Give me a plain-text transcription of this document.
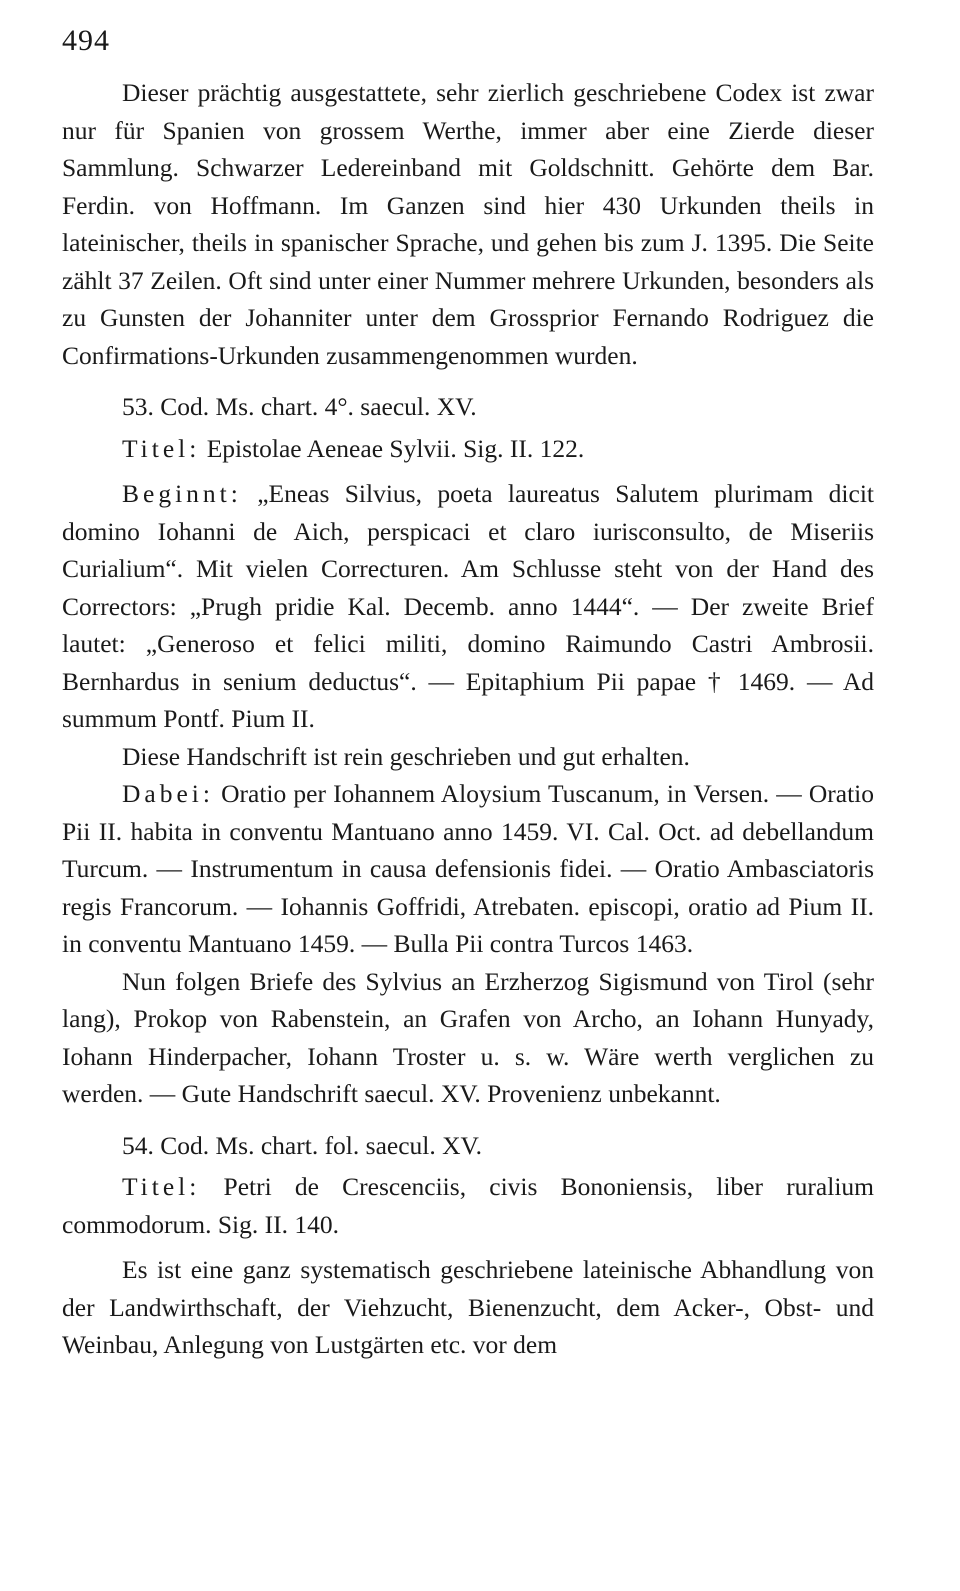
494

Dieser prächtig ausgestattete, sehr zierlich geschriebene Codex ist zwar nur für Spanien von grossem Werthe, immer aber eine Zierde dieser Sammlung. Schwarzer Ledereinband mit Goldschnitt. Gehörte dem Bar. Ferdin. von Hoffmann. Im Ganzen sind hier 430 Urkunden theils in lateinischer, theils in spanischer Sprache, und gehen bis zum J. 1395. Die Seite zählt 37 Zeilen. Oft sind unter einer Nummer mehrere Urkunden, besonders als zu Gunsten der Johanniter unter dem Grossprior Fernando Rodriguez die Confirmations-Urkunden zusammengenommen wurden.

53. Cod. Ms. chart. 4°. saecul. XV.

Titel: Epistolae Aeneae Sylvii. Sig. II. 122.

Beginnt: „Eneas Silvius, poeta laureatus Salutem plurimam dicit domino Iohanni de Aich, perspicaci et claro iurisconsulto, de Miseriis Curialium“. Mit vielen Correcturen. Am Schlusse steht von der Hand des Correctors: „Prugh pridie Kal. Decemb. anno 1444“. — Der zweite Brief lautet: „Generoso et felici militi, domino Raimundo Castri Ambrosii. Bernhardus in senium deductus“. — Epitaphium Pii papae † 1469. — Ad summum Pontf. Pium II.

Diese Handschrift ist rein geschrieben und gut erhalten.

Dabei: Oratio per Iohannem Aloysium Tuscanum, in Versen. — Oratio Pii II. habita in conventu Mantuano anno 1459. VI. Cal. Oct. ad debellandum Turcum. — Instrumentum in causa defensionis fidei. — Oratio Ambasciatoris regis Francorum. — Iohannis Goffridi, Atrebaten. episcopi, oratio ad Pium II. in conventu Mantuano 1459. — Bulla Pii contra Turcos 1463.

Nun folgen Briefe des Sylvius an Erzherzog Sigismund von Tirol (sehr lang), Prokop von Rabenstein, an Grafen von Archo, an Iohann Hunyady, Iohann Hinderpacher, Iohann Troster u. s. w. Wäre werth verglichen zu werden. — Gute Handschrift saecul. XV. Provenienz unbekannt.

54. Cod. Ms. chart. fol. saecul. XV.

Titel: Petri de Crescenciis, civis Bononiensis, liber ruralium commodorum. Sig. II. 140.

Es ist eine ganz systematisch geschriebene lateinische Abhandlung von der Landwirthschaft, der Viehzucht, Bienenzucht, dem Acker-, Obst- und Weinbau, Anlegung von Lustgärten etc. vor dem
